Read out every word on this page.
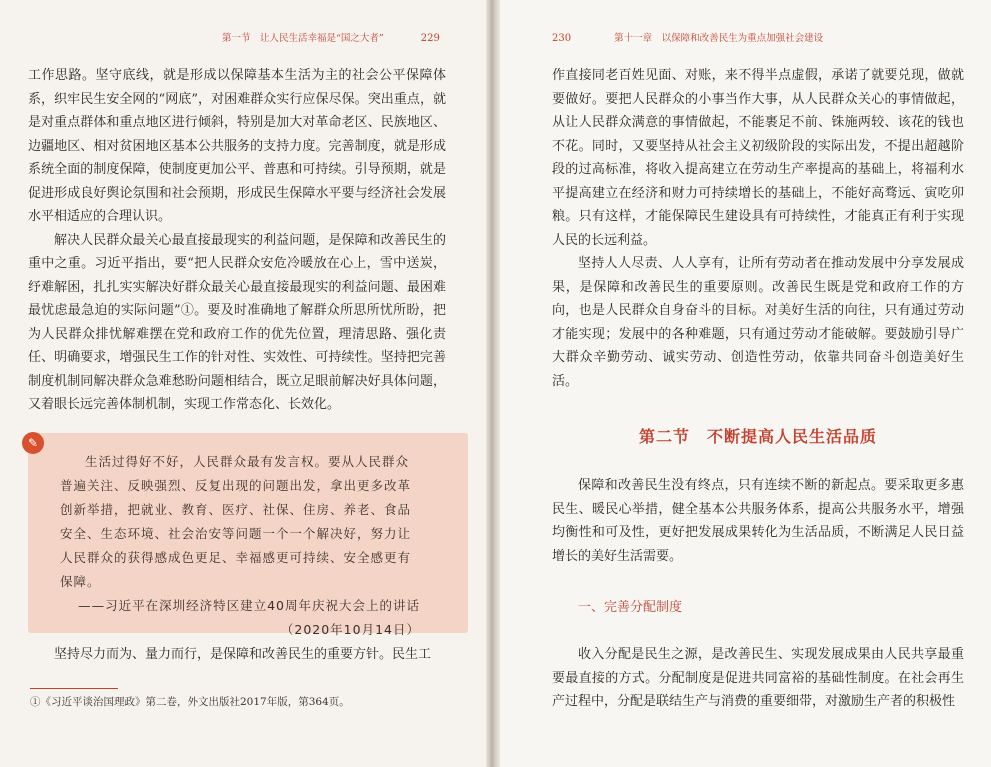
第一节　让人民生活幸福是“国之大者”	229

工作思路。坚守底线，就是形成以保障基本生活为主的社会公平保障体系，织牢民生安全网的“网底”，对困难群众实行应保尽保。突出重点，就是对重点群体和重点地区进行倾斜，特别是加大对革命老区、民族地区、边疆地区、相对贫困地区基本公共服务的支持力度。完善制度，就是形成系统全面的制度保障，使制度更加公平、普惠和可持续。引导预期，就是促进形成良好舆论氛围和社会预期，形成民生保障水平要与经济社会发展水平相适应的合理认识。

解决人民群众最关心最直接最现实的利益问题，是保障和改善民生的重中之重。习近平指出，要“把人民群众安危冷暖放在心上，雪中送炭，纾难解困，扎扎实实解决好群众最关心最直接最现实的利益问题、最困难最忧虑最急迫的实际问题”①。要及时准确地了解群众所思所忧所盼，把为人民群众排忧解难摆在党和政府工作的优先位置，理清思路、强化责任、明确要求，增强民生工作的针对性、实效性、可持续性。坚持把完善制度机制同解决群众急难愁盼问题相结合，既立足眼前解决好具体问题，又着眼长远完善体制机制，实现工作常态化、长效化。

✎

生活过得好不好，人民群众最有发言权。要从人民群众普遍关注、反映强烈、反复出现的问题出发，拿出更多改革创新举措，把就业、教育、医疗、社保、住房、养老、食品安全、生态环境、社会治安等问题一个一个解决好，努力让人民群众的获得感成色更足、幸福感更可持续、安全感更有保障。

——习近平在深圳经济特区建立40周年庆祝大会上的讲话

（2020年10月14日）

坚持尽力而为、量力而行，是保障和改善民生的重要方针。民生工

①《习近平谈治国理政》第二卷，外文出版社2017年版，第364页。
230	第十一章　以保障和改善民生为重点加强社会建设

作直接同老百姓见面、对账，来不得半点虚假，承诺了就要兑现，做就要做好。要把人民群众的小事当作大事，从人民群众关心的事情做起，从让人民群众满意的事情做起，不能裹足不前、铢施两较、该花的钱也不花。同时，又要坚持从社会主义初级阶段的实际出发，不提出超越阶段的过高标准，将收入提高建立在劳动生产率提高的基础上，将福利水平提高建立在经济和财力可持续增长的基础上，不能好高骛远、寅吃卯粮。只有这样，才能保障民生建设具有可持续性，才能真正有利于实现人民的长远利益。

坚持人人尽责、人人享有，让所有劳动者在推动发展中分享发展成果，是保障和改善民生的重要原则。改善民生既是党和政府工作的方向，也是人民群众自身奋斗的目标。对美好生活的向往，只有通过劳动才能实现；发展中的各种难题，只有通过劳动才能破解。要鼓励引导广大群众辛勤劳动、诚实劳动、创造性劳动，依靠共同奋斗创造美好生活。

第二节　不断提高人民生活品质

保障和改善民生没有终点，只有连续不断的新起点。要采取更多惠民生、暖民心举措，健全基本公共服务体系，提高公共服务水平，增强均衡性和可及性，更好把发展成果转化为生活品质，不断满足人民日益增长的美好生活需要。

一、完善分配制度

收入分配是民生之源，是改善民生、实现发展成果由人民共享最重要最直接的方式。分配制度是促进共同富裕的基础性制度。在社会再生产过程中，分配是联结生产与消费的重要细带，对激励生产者的积极性
